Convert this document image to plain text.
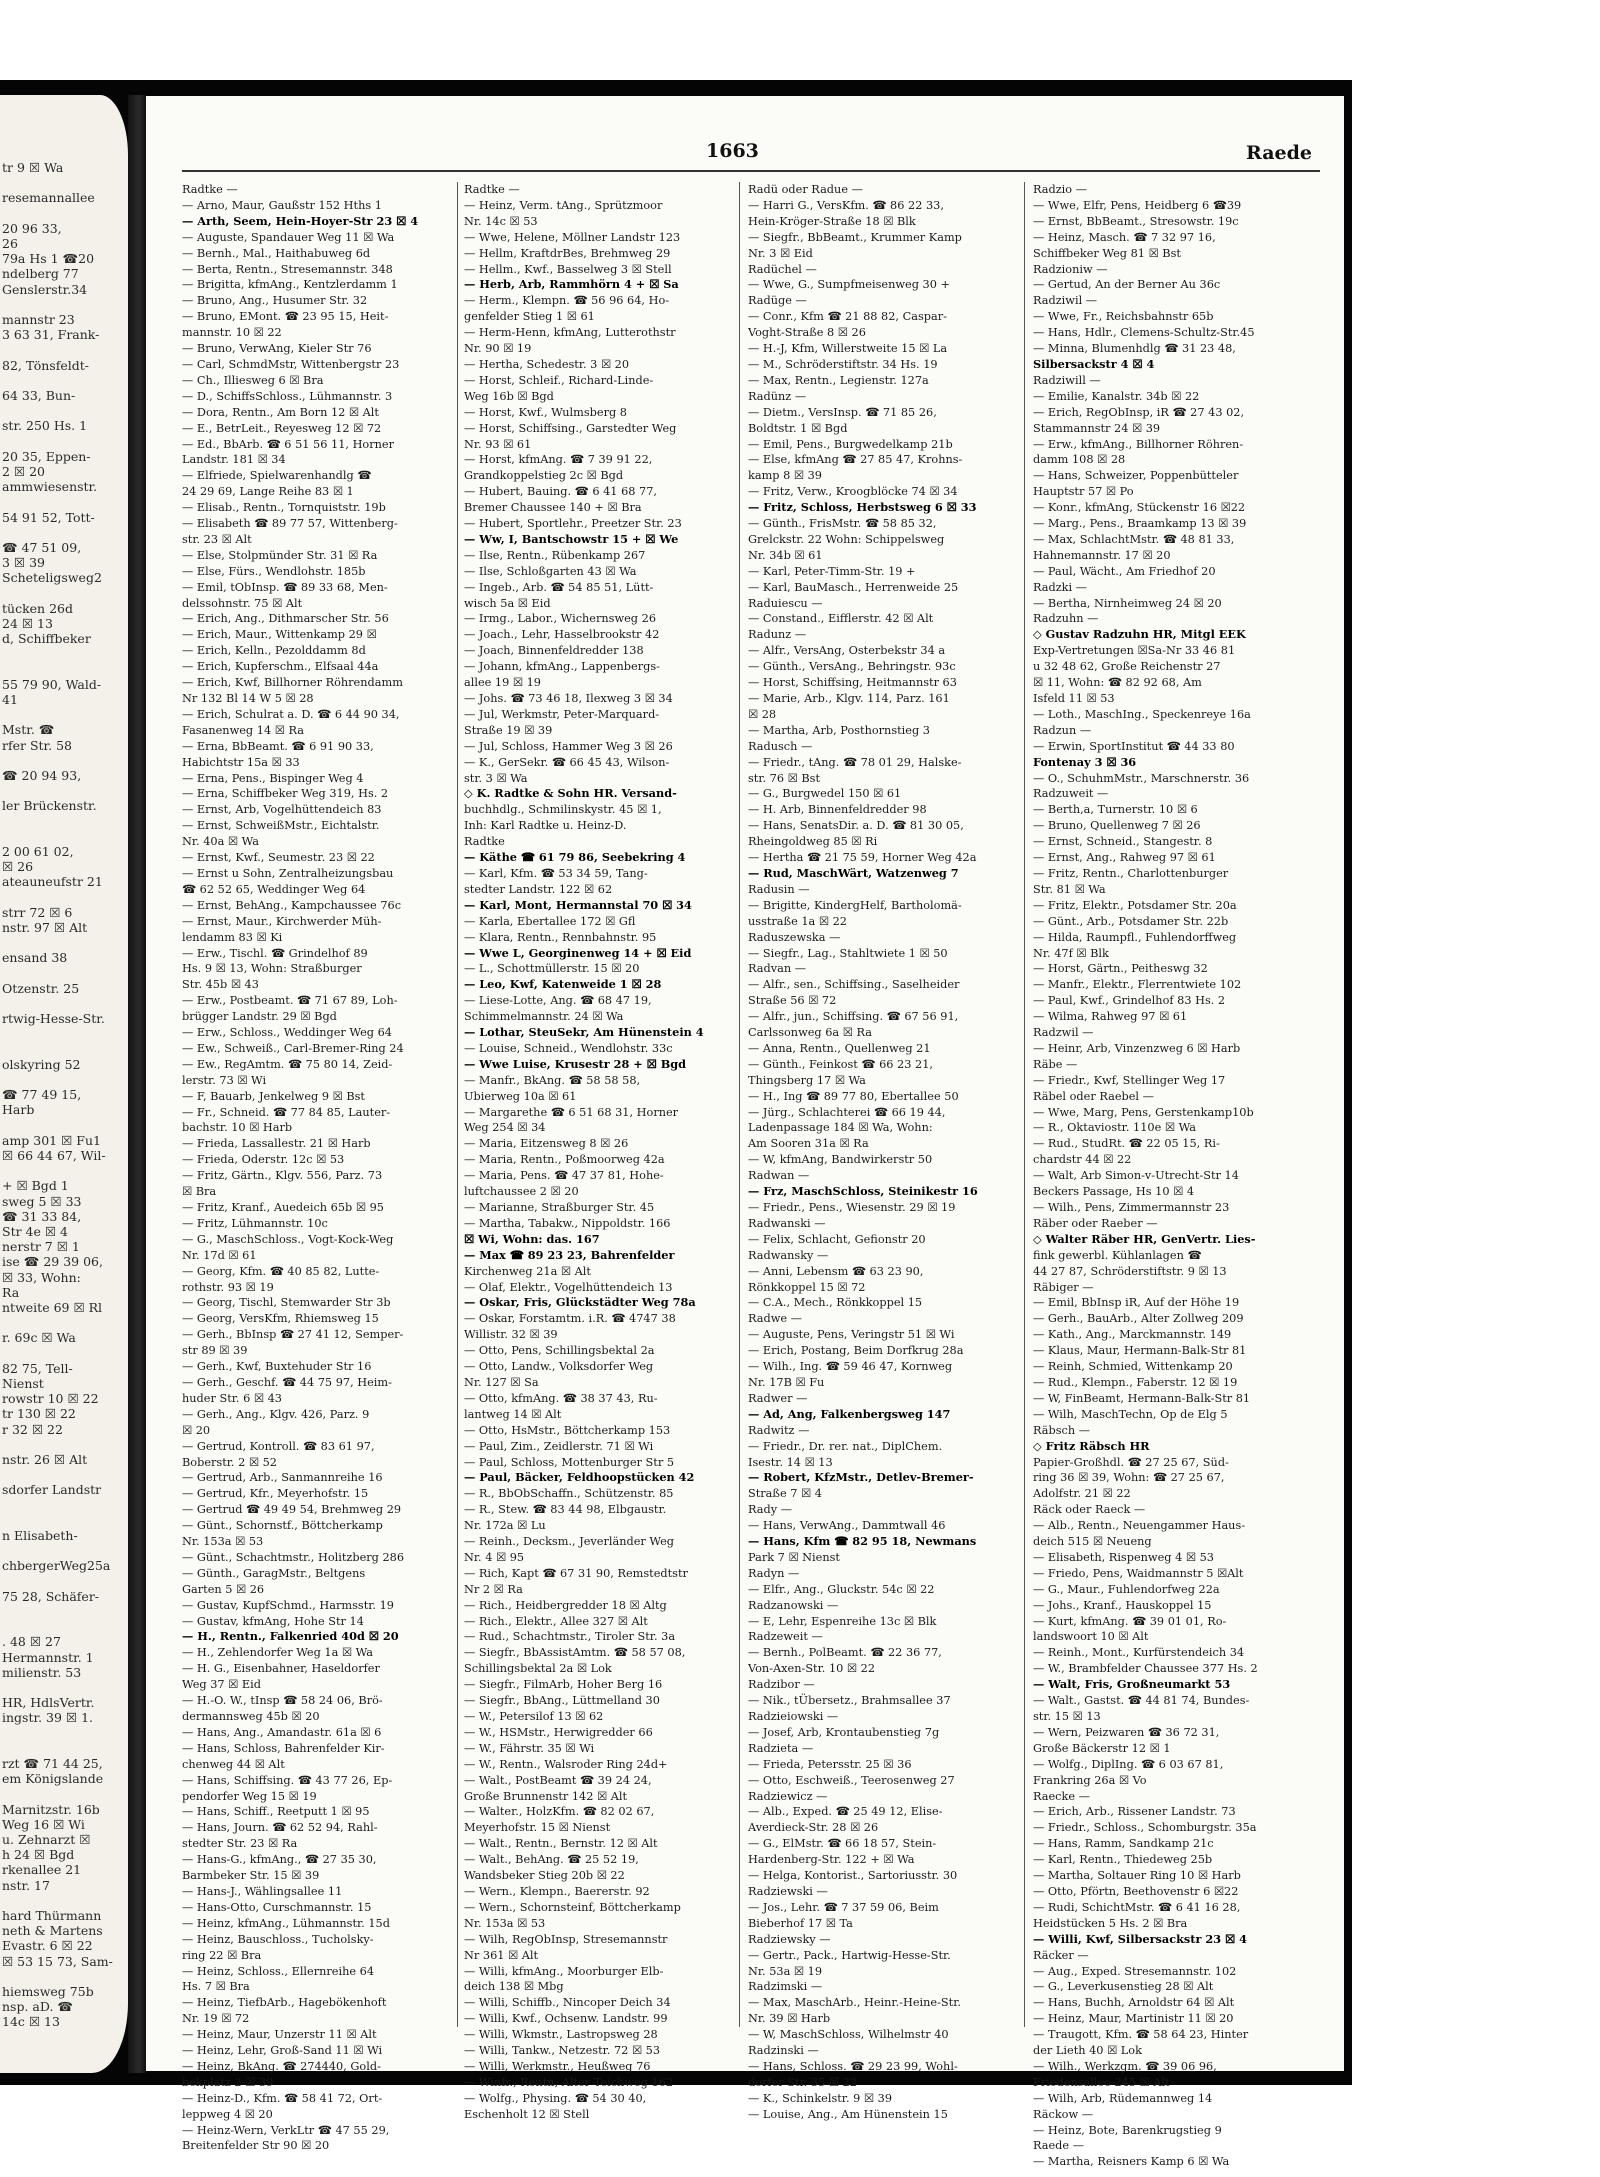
tr 9 ☒ Wa
resemannallee
20 96 33,
26
79a Hs 1 ☎20
ndelberg 77
Genslerstr.34
mannstr 23
3 63 31, Frank-
82, Tönsfeldt-
64 33, Bun-
str. 250 Hs. 1
20 35, Eppen-
2 ☒ 20
ammwiesenstr.
54 91 52, Tott-
☎ 47 51 09,
3 ☒ 39
Scheteligsweg2
tücken 26d
24 ☒ 13
d, Schiffbeker
55 79 90, Wald-
41
Mstr. ☎
rfer Str. 58
☎ 20 94 93,
ler Brückenstr.
2 00 61 02,
☒ 26
ateauneufstr 21
strr 72 ☒ 6
nstr. 97 ☒ Alt
ensand 38
Otzenstr. 25
rtwig-Hesse-Str.
olskyring 52
☎ 77 49 15,
Harb
amp 301 ☒ Fu1
☒ 66 44 67, Wil-
+ ☒ Bgd 1
sweg 5 ☒ 33
☎ 31 33 84,
Str 4e ☒ 4
nerstr 7 ☒ 1
ise ☎ 29 39 06,
☒ 33, Wohn:
Ra
ntweite 69 ☒ Rl
r. 69c ☒ Wa
82 75, Tell-
Nienst
rowstr 10 ☒ 22
tr 130 ☒ 22
r 32 ☒ 22
nstr. 26 ☒ Alt
sdorfer Landstr
n Elisabeth-
chbergerWeg25a
75 28, Schäfer-
. 48 ☒ 27
Hermannstr. 1
milienstr. 53
HR, HdlsVertr.
ingstr. 39 ☒ 1.
rzt ☎ 71 44 25,
em Königslande
Marnitzstr. 16b
Weg 16 ☒ Wi
u. Zehnarzt ☒
h 24 ☒ Bgd
rkenallee 21
nstr. 17
hard Thürmann
neth & Martens
Evastr. 6 ☒ 22
☒ 53 15 73, Sam-
hiemsweg 75b
nsp. aD. ☎
14c ☒ 13
1663	Raede
Radtke —
— Arno, Maur, Gaußstr 152 Hths 1
— Arth, Seem, Hein-Hoyer-Str 23 ☒ 4
— Auguste, Spandauer Weg 11 ☒ Wa
— Bernh., Mal., Haithabuweg 6d
— Berta, Rentn., Stresemannstr. 348
— Brigitta, kfmAng., Kentzlerdamm 1
— Bruno, Ang., Husumer Str. 32
— Bruno, EMont. ☎ 23 95 15, Heit-
mannstr. 10 ☒ 22
— Bruno, VerwAng, Kieler Str 76
— Carl, SchmdMstr, Wittenbergstr 23
— Ch., Illiesweg 6 ☒ Bra
— D., SchiffsSchloss., Lühmannstr. 3
— Dora, Rentn., Am Born 12 ☒ Alt
— E., BetrLeit., Reyesweg 12 ☒ 72
— Ed., BbArb. ☎ 6 51 56 11, Horner
Landstr. 181 ☒ 34
— Elfriede, Spielwarenhandlg ☎
24 29 69, Lange Reihe 83 ☒ 1
— Elisab., Rentn., Tornquiststr. 19b
— Elisabeth ☎ 89 77 57, Wittenberg-
str. 23 ☒ Alt
— Else, Stolpmünder Str. 31 ☒ Ra
— Else, Fürs., Wendlohstr. 185b
— Emil, tObInsp. ☎ 89 33 68, Men-
delssohnstr. 75 ☒ Alt
— Erich, Ang., Dithmarscher Str. 56
— Erich, Maur., Wittenkamp 29 ☒
— Erich, Kelln., Pezolddamm 8d
— Erich, Kupferschm., Elfsaal 44a
— Erich, Kwf, Billhorner Röhrendamm
Nr 132 Bl 14 W 5 ☒ 28
— Erich, Schulrat a. D. ☎ 6 44 90 34,
Fasanenweg 14 ☒ Ra
— Erna, BbBeamt. ☎ 6 91 90 33,
Habichtstr 15a ☒ 33
— Erna, Pens., Bispinger Weg 4
— Erna, Schiffbeker Weg 319, Hs. 2
— Ernst, Arb, Vogelhüttendeich 83
— Ernst, SchweißMstr., Eichtalstr.
Nr. 40a ☒ Wa
— Ernst, Kwf., Seumestr. 23 ☒ 22
— Ernst u Sohn, Zentralheizungsbau
☎ 62 52 65, Weddinger Weg 64
— Ernst, BehAng., Kampchaussee 76c
— Ernst, Maur., Kirchwerder Müh-
lendamm 83 ☒ Ki
— Erw., Tischl. ☎ Grindelhof 89
Hs. 9 ☒ 13, Wohn: Straßburger
Str. 45b ☒ 43
— Erw., Postbeamt. ☎ 71 67 89, Loh-
brügger Landstr. 29 ☒ Bgd
— Erw., Schloss., Weddinger Weg 64
— Ew., Schweiß., Carl-Bremer-Ring 24
— Ew., RegAmtm. ☎ 75 80 14, Zeid-
lerstr. 73 ☒ Wi
— F, Bauarb, Jenkelweg 9 ☒ Bst
— Fr., Schneid. ☎ 77 84 85, Lauter-
bachstr. 10 ☒ Harb
— Frieda, Lassallestr. 21 ☒ Harb
— Frieda, Oderstr. 12c ☒ 53
— Fritz, Gärtn., Klgv. 556, Parz. 73
☒ Bra
— Fritz, Kranf., Auedeich 65b ☒ 95
— Fritz, Lühmannstr. 10c
— G., MaschSchloss., Vogt-Kock-Weg
Nr. 17d ☒ 61
— Georg, Kfm. ☎ 40 85 82, Lutte-
rothstr. 93 ☒ 19
— Georg, Tischl, Stemwarder Str 3b
— Georg, VersKfm, Rhiemsweg 15
— Gerh., BbInsp ☎ 27 41 12, Semper-
str 89 ☒ 39
— Gerh., Kwf, Buxtehuder Str 16
— Gerh., Geschf. ☎ 44 75 97, Heim-
huder Str. 6 ☒ 43
— Gerh., Ang., Klgv. 426, Parz. 9
☒ 20
— Gertrud, Kontroll. ☎ 83 61 97,
Boberstr. 2 ☒ 52
— Gertrud, Arb., Sanmannreihe 16
— Gertrud, Kfr., Meyerhofstr. 15
— Gertrud ☎ 49 49 54, Brehmweg 29
— Günt., Schornstf., Böttcherkamp
Nr. 153a ☒ 53
— Günt., Schachtmstr., Holitzberg 286
— Günth., GaragMstr., Beltgens
Garten 5 ☒ 26
— Gustav, KupfSchmd., Harmsstr. 19
— Gustav, kfmAng, Hohe Str 14
— H., Rentn., Falkenried 40d ☒ 20
— H., Zehlendorfer Weg 1a ☒ Wa
— H. G., Eisenbahner, Haseldorfer
Weg 37 ☒ Eid
— H.-O. W., tInsp ☎ 58 24 06, Brö-
dermannsweg 45b ☒ 20
— Hans, Ang., Amandastr. 61a ☒ 6
— Hans, Schloss, Bahrenfelder Kir-
chenweg 44 ☒ Alt
— Hans, Schiffsing. ☎ 43 77 26, Ep-
pendorfer Weg 15 ☒ 19
— Hans, Schiff., Reetputt 1 ☒ 95
— Hans, Journ. ☎ 62 52 94, Rahl-
stedter Str. 23 ☒ Ra
— Hans-G., kfmAng., ☎ 27 35 30,
Barmbeker Str. 15 ☒ 39
— Hans-J., Wählingsallee 11
— Hans-Otto, Curschmannstr. 15
— Heinz, kfmAng., Lühmannstr. 15d
— Heinz, Bauschloss., Tucholsky-
ring 22 ☒ Bra
— Heinz, Schloss., Ellernreihe 64
Hs. 7 ☒ Bra
— Heinz, TiefbArb., Hagebökenhoft
Nr. 19 ☒ 72
— Heinz, Maur, Unzerstr 11 ☒ Alt
— Heinz, Lehr, Groß-Sand 11 ☒ Wi
— Heinz, BkAng. ☎ 274440, Gold-
bekplatz 2 ☒ 39
— Heinz-D., Kfm. ☎ 58 41 72, Ort-
leppweg 4 ☒ 20
— Heinz-Wern, VerkLtr ☎ 47 55 29,
Breitenfelder Str 90 ☒ 20
Radtke —
— Heinz, Verm. tAng., Sprützmoor
Nr. 14c ☒ 53
— Wwe, Helene, Möllner Landstr 123
— Hellm, KraftdrBes, Brehmweg 29
— Hellm., Kwf., Basselweg 3 ☒ Stell
— Herb, Arb, Rammhörn 4 + ☒ Sa
— Herm., Klempn. ☎ 56 96 64, Ho-
genfelder Stieg 1 ☒ 61
— Herm-Henn, kfmAng, Lutterothstr
Nr. 90 ☒ 19
— Hertha, Schedestr. 3 ☒ 20
— Horst, Schleif., Richard-Linde-
Weg 16b ☒ Bgd
— Horst, Kwf., Wulmsberg 8
— Horst, Schiffsing., Garstedter Weg
Nr. 93 ☒ 61
— Horst, kfmAng. ☎ 7 39 91 22,
Grandkoppelstieg 2c ☒ Bgd
— Hubert, Bauing. ☎ 6 41 68 77,
Bremer Chaussee 140 + ☒ Bra
— Hubert, Sportlehr., Preetzer Str. 23
— Ww, I, Bantschowstr 15 + ☒ We
— Ilse, Rentn., Rübenkamp 267
— Ilse, Schloßgarten 43 ☒ Wa
— Ingeb., Arb. ☎ 54 85 51, Lütt-
wisch 5a ☒ Eid
— Irmg., Labor., Wichernsweg 26
— Joach., Lehr, Hasselbrookstr 42
— Joach, Binnenfeldredder 138
— Johann, kfmAng., Lappenbergs-
allee 19 ☒ 19
— Johs. ☎ 73 46 18, Ilexweg 3 ☒ 34
— Jul, Werkmstr, Peter-Marquard-
Straße 19 ☒ 39
— Jul, Schloss, Hammer Weg 3 ☒ 26
— K., GerSekr. ☎ 66 45 43, Wilson-
str. 3 ☒ Wa
◇ K. Radtke & Sohn HR. Versand-
buchhdlg., Schmilinskystr. 45 ☒ 1,
Inh: Karl Radtke u. Heinz-D.
Radtke
— Käthe ☎ 61 79 86, Seebekring 4
— Karl, Kfm. ☎ 53 34 59, Tang-
stedter Landstr. 122 ☒ 62
— Karl, Mont, Hermannstal 70 ☒ 34
— Karla, Ebertallee 172 ☒ Gfl
— Klara, Rentn., Rennbahnstr. 95
— Wwe L, Georginenweg 14 + ☒ Eid
— L., Schottmüllerstr. 15 ☒ 20
— Leo, Kwf, Katenweide 1 ☒ 28
— Liese-Lotte, Ang. ☎ 68 47 19,
Schimmelmannstr. 24 ☒ Wa
— Lothar, SteuSekr, Am Hünenstein 4
— Louise, Schneid., Wendlohstr. 33c
— Wwe Luise, Krusestr 28 + ☒ Bgd
— Manfr., BkAng. ☎ 58 58 58,
Ubierweg 10a ☒ 61
— Margarethe ☎ 6 51 68 31, Horner
Weg 254 ☒ 34
— Maria, Eitzensweg 8 ☒ 26
— Maria, Rentn., Poßmoorweg 42a
— Maria, Pens. ☎ 47 37 81, Hohe-
luftchaussee 2 ☒ 20
— Marianne, Straßburger Str. 45
— Martha, Tabakw., Nippoldstr. 166
☒ Wi, Wohn: das. 167
— Max ☎ 89 23 23, Bahrenfelder
Kirchenweg 21a ☒ Alt
— Olaf, Elektr., Vogelhüttendeich 13
— Oskar, Fris, Glückstädter Weg 78a
— Oskar, Forstamtm. i.R. ☎ 4747 38
Willistr. 32 ☒ 39
— Otto, Pens, Schillingsbektal 2a
— Otto, Landw., Volksdorfer Weg
Nr. 127 ☒ Sa
— Otto, kfmAng. ☎ 38 37 43, Ru-
lantweg 14 ☒ Alt
— Otto, HsMstr., Böttcherkamp 153
— Paul, Zim., Zeidlerstr. 71 ☒ Wi
— Paul, Schloss, Mottenburger Str 5
— Paul, Bäcker, Feldhoopstücken 42
— R., BbObSchaffn., Schützenstr. 85
— R., Stew. ☎ 83 44 98, Elbgaustr.
Nr. 172a ☒ Lu
— Reinh., Decksm., Jeverländer Weg
Nr. 4 ☒ 95
— Rich, Kapt ☎ 67 31 90, Remstedtstr
Nr 2 ☒ Ra
— Rich., Heidbergredder 18 ☒ Altg
— Rich., Elektr., Allee 327 ☒ Alt
— Rud., Schachtmstr., Tiroler Str. 3a
— Siegfr., BbAssistAmtm. ☎ 58 57 08,
Schillingsbektal 2a ☒ Lok
— Siegfr., FilmArb, Hoher Berg 16
— Siegfr., BbAng., Lüttmelland 30
— W., Petersilof 13 ☒ 62
— W., HSMstr., Herwigredder 66
— W., Fährstr. 35 ☒ Wi
— W., Rentn., Walsroder Ring 24d+
— Walt., PostBeamt ☎ 39 24 24,
Große Brunnenstr 142 ☒ Alt
— Walter., HolzKfm. ☎ 82 02 67,
Meyerhofstr. 15 ☒ Nienst
— Walt., Rentn., Bernstr. 12 ☒ Alt
— Walt., BehAng. ☎ 25 52 19,
Wandsbeker Stieg 20b ☒ 22
— Wern., Klempn., Baererstr. 92
— Wern., Schornsteinf, Böttcherkamp
Nr. 153a ☒ 53
— Wilh, RegObInsp, Stresemannstr
Nr 361 ☒ Alt
— Willi, kfmAng., Moorburger Elb-
deich 138 ☒ Mbg
— Willi, Schiffb., Nincoper Deich 34
— Willi, Kwf., Ochsenw. Landstr. 99
— Willi, Wkmstr., Lastropsweg 28
— Willi, Tankw., Netzestr. 72 ☒ 53
— Willi, Werkmstr., Heußweg 76
— Winfr., Rentn, Alter Teichweg 162
— Wolfg., Physing. ☎ 54 30 40,
Eschenholt 12 ☒ Stell
Radü oder Radue —
— Harri G., VersKfm. ☎ 86 22 33,
Hein-Kröger-Straße 18 ☒ Blk
— Siegfr., BbBeamt., Krummer Kamp
Nr. 3 ☒ Eid
Radüchel —
— Wwe, G., Sumpfmeisenweg 30 +
Radüge —
— Conr., Kfm ☎ 21 88 82, Caspar-
Voght-Straße 8 ☒ 26
— H.-J, Kfm, Willerstweite 15 ☒ La
— M., Schröderstiftstr. 34 Hs. 19
— Max, Rentn., Legienstr. 127a
Radünz —
— Dietm., VersInsp. ☎ 71 85 26,
Boldtstr. 1 ☒ Bgd
— Emil, Pens., Burgwedelkamp 21b
— Else, kfmAng ☎ 27 85 47, Krohns-
kamp 8 ☒ 39
— Fritz, Verw., Kroogblöcke 74 ☒ 34
— Fritz, Schloss, Herbstsweg 6 ☒ 33
— Günth., FrisMstr. ☎ 58 85 32,
Grelckstr. 22 Wohn: Schippelsweg
Nr. 34b ☒ 61
— Karl, Peter-Timm-Str. 19 +
— Karl, BauMasch., Herrenweide 25
Raduiescu —
— Constand., Eifflerstr. 42 ☒ Alt
Radunz —
— Alfr., VersAng, Osterbekstr 34 a
— Günth., VersAng., Behringstr. 93c
— Horst, Schiffsing, Heitmannstr 63
— Marie, Arb., Klgv. 114, Parz. 161
☒ 28
— Martha, Arb, Posthornstieg 3
Radusch —
— Friedr., tAng. ☎ 78 01 29, Halske-
str. 76 ☒ Bst
— G., Burgwedel 150 ☒ 61
— H. Arb, Binnenfeldredder 98
— Hans, SenatsDir. a. D. ☎ 81 30 05,
Rheingoldweg 85 ☒ Ri
— Hertha ☎ 21 75 59, Horner Weg 42a
— Rud, MaschWärt, Watzenweg 7
Radusin —
— Brigitte, KindergHelf, Bartholomä-
usstraße 1a ☒ 22
Raduszewska —
— Siegfr., Lag., Stahltwiete 1 ☒ 50
Radvan —
— Alfr., sen., Schiffsing., Saselheider
Straße 56 ☒ 72
— Alfr., jun., Schiffsing. ☎ 67 56 91,
Carlssonweg 6a ☒ Ra
— Anna, Rentn., Quellenweg 21
— Günth., Feinkost ☎ 66 23 21,
Thingsberg 17 ☒ Wa
— H., Ing ☎ 89 77 80, Ebertallee 50
— Jürg., Schlachterei ☎ 66 19 44,
Ladenpassage 184 ☒ Wa, Wohn:
Am Sooren 31a ☒ Ra
— W, kfmAng, Bandwirkerstr 50
Radwan —
— Frz, MaschSchloss, Steinikestr 16
— Friedr., Pens., Wiesenstr. 29 ☒ 19
Radwanski —
— Felix, Schlacht, Gefionstr 20
Radwansky —
— Anni, Lebensm ☎ 63 23 90,
Rönkkoppel 15 ☒ 72
— C.A., Mech., Rönkkoppel 15
Radwe —
— Auguste, Pens, Veringstr 51 ☒ Wi
— Erich, Postang, Beim Dorfkrug 28a
— Wilh., Ing. ☎ 59 46 47, Kornweg
Nr. 17B ☒ Fu
Radwer —
— Ad, Ang, Falkenbergsweg 147
Radwitz —
— Friedr., Dr. rer. nat., DiplChem.
Isestr. 14 ☒ 13
— Robert, KfzMstr., Detlev-Bremer-
Straße 7 ☒ 4
Rady —
— Hans, VerwAng., Dammtwall 46
— Hans, Kfm ☎ 82 95 18, Newmans
Park 7 ☒ Nienst
Radyn —
— Elfr., Ang., Gluckstr. 54c ☒ 22
Radzanowski —
— E, Lehr, Espenreihe 13c ☒ Blk
Radzeweit —
— Bernh., PolBeamt. ☎ 22 36 77,
Von-Axen-Str. 10 ☒ 22
Radzibor —
— Nik., tÜbersetz., Brahmsallee 37
Radzieiowski —
— Josef, Arb, Krontaubenstieg 7g
Radzieta —
— Frieda, Petersstr. 25 ☒ 36
— Otto, Eschweiß., Teerosenweg 27
Radziewicz —
— Alb., Exped. ☎ 25 49 12, Elise-
Averdieck-Str. 28 ☒ 26
— G., ElMstr. ☎ 66 18 57, Stein-
Hardenberg-Str. 122 + ☒ Wa
— Helga, Kontorist., Sartoriusstr. 30
Radziewski —
— Jos., Lehr. ☎ 7 37 59 06, Beim
Bieberhof 17 ☒ Ta
Radziewsky —
— Gertr., Pack., Hartwig-Hesse-Str.
Nr. 53a ☒ 19
Radzimski —
— Max, MaschArb., Heinr.-Heine-Str.
Nr. 39 ☒ Harb
— W, MaschSchloss, Wilhelmstr 40
Radzinski —
— Hans, Schloss. ☎ 29 23 99, Wohl-
dorfer Str. 35 ☒ 22
— K., Schinkelstr. 9 ☒ 39
— Louise, Ang., Am Hünenstein 15
Radzio —
— Wwe, Elfr, Pens, Heidberg 6 ☎39
— Ernst, BbBeamt., Stresowstr. 19c
— Heinz, Masch. ☎ 7 32 97 16,
Schiffbeker Weg 81 ☒ Bst
Radzioniw —
— Gertud, An der Berner Au 36c
Radziwil —
— Wwe, Fr., Reichsbahnstr 65b
— Hans, Hdlr., Clemens-Schultz-Str.45
— Minna, Blumenhdlg ☎ 31 23 48,
Silbersackstr 4 ☒ 4
Radziwill —
— Emilie, Kanalstr. 34b ☒ 22
— Erich, RegObInsp, iR ☎ 27 43 02,
Stammannstr 24 ☒ 39
— Erw., kfmAng., Billhorner Röhren-
damm 108 ☒ 28
— Hans, Schweizer, Poppenbütteler
Hauptstr 57 ☒ Po
— Konr., kfmAng, Stückenstr 16 ☒22
— Marg., Pens., Braamkamp 13 ☒ 39
— Max, SchlachtMstr. ☎ 48 81 33,
Hahnemannstr. 17 ☒ 20
— Paul, Wächt., Am Friedhof 20
Radzki —
— Bertha, Nirnheimweg 24 ☒ 20
Radzuhn —
◇ Gustav Radzuhn HR, Mitgl EEK
Exp-Vertretungen ☒Sa-Nr 33 46 81
u 32 48 62, Große Reichenstr 27
☒ 11, Wohn: ☎ 82 92 68, Am
Isfeld 11 ☒ 53
— Loth., MaschIng., Speckenreye 16a
Radzun —
— Erwin, SportInstitut ☎ 44 33 80
Fontenay 3 ☒ 36
— O., SchuhmMstr., Marschnerstr. 36
Radzuweit —
— Berth,a, Turnerstr. 10 ☒ 6
— Bruno, Quellenweg 7 ☒ 26
— Ernst, Schneid., Stangestr. 8
— Ernst, Ang., Rahweg 97 ☒ 61
— Fritz, Rentn., Charlottenburger
Str. 81 ☒ Wa
— Fritz, Elektr., Potsdamer Str. 20a
— Günt., Arb., Potsdamer Str. 22b
— Hilda, Raumpfl., Fuhlendorffweg
Nr. 47f ☒ Blk
— Horst, Gärtn., Peitheswg 32
— Manfr., Elektr., Flerrentwiete 102
— Paul, Kwf., Grindelhof 83 Hs. 2
— Wilma, Rahweg 97 ☒ 61
Radzwil —
— Heinr, Arb, Vinzenzweg 6 ☒ Harb
Räbe —
— Friedr., Kwf, Stellinger Weg 17
Räbel oder Raebel —
— Wwe, Marg, Pens, Gerstenkamp10b
— R., Oktaviostr. 110e ☒ Wa
— Rud., StudRt. ☎ 22 05 15, Ri-
chardstr 44 ☒ 22
— Walt, Arb Simon-v-Utrecht-Str 14
Beckers Passage, Hs 10 ☒ 4
— Wilh., Pens, Zimmermannstr 23
Räber oder Raeber —
◇ Walter Räber HR, GenVertr. Lies-
fink gewerbl. Kühlanlagen ☎
44 27 87, Schröderstiftstr. 9 ☒ 13
Räbiger —
— Emil, BbInsp iR, Auf der Höhe 19
— Gerh., BauArb., Alter Zollweg 209
— Kath., Ang., Marckmannstr. 149
— Klaus, Maur, Hermann-Balk-Str 81
— Reinh, Schmied, Wittenkamp 20
— Rud., Klempn., Faberstr. 12 ☒ 19
— W, FinBeamt, Hermann-Balk-Str 81
— Wilh, MaschTechn, Op de Elg 5
Räbsch —
◇ Fritz Räbsch HR
Papier-Großhdl. ☎ 27 25 67, Süd-
ring 36 ☒ 39, Wohn: ☎ 27 25 67,
Adolfstr. 21 ☒ 22
Räck oder Raeck —
— Alb., Rentn., Neuengammer Haus-
deich 515 ☒ Neueng
— Elisabeth, Rispenweg 4 ☒ 53
— Friedo, Pens, Waidmannstr 5 ☒Alt
— G., Maur., Fuhlendorfweg 22a
— Johs., Kranf., Hauskoppel 15
— Kurt, kfmAng. ☎ 39 01 01, Ro-
landswoort 10 ☒ Alt
— Reinh., Mont., Kurfürstendeich 34
— W., Brambfelder Chaussee 377 Hs. 2
— Walt, Fris, Großneumarkt 53
— Walt., Gastst. ☎ 44 81 74, Bundes-
str. 15 ☒ 13
— Wern, Peizwaren ☎ 36 72 31,
Große Bäckerstr 12 ☒ 1
— Wolfg., DiplIng. ☎ 6 03 67 81,
Frankring 26a ☒ Vo
Raecke —
— Erich, Arb., Rissener Landstr. 73
— Friedr., Schloss., Schomburgstr. 35a
— Hans, Ramm, Sandkamp 21c
— Karl, Rentn., Thiedeweg 25b
— Martha, Soltauer Ring 10 ☒ Harb
— Otto, Pförtn, Beethovenstr 6 ☒22
— Rudi, SchichtMstr. ☎ 6 41 16 28,
Heidstücken 5 Hs. 2 ☒ Bra
— Willi, Kwf, Silbersackstr 23 ☒ 4
Räcker —
— Aug., Exped. Stresemannstr. 102
— G., Leverkusenstieg 28 ☒ Alt
— Hans, Buchh, Arnoldstr 64 ☒ Alt
— Heinz, Maur, Martinistr 11 ☒ 20
— Traugott, Kfm. ☎ 58 64 23, Hinter
der Lieth 40 ☒ Lok
— Wilh., Werkzgm. ☎ 39 06 96,
Friedensallee 245 ☒ Alt
— Wilh, Arb, Rüdemannweg 14
Räckow —
— Heinz, Bote, Barenkrugstieg 9
Raede —
— Martha, Reisners Kamp 6 ☒ Wa
